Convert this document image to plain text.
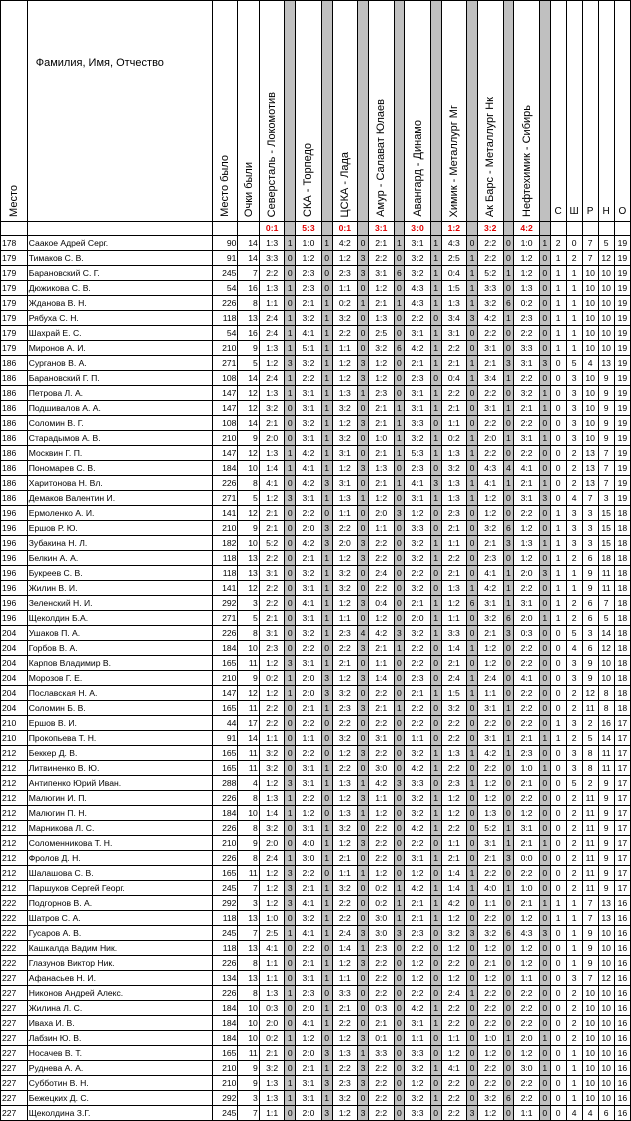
Место	Фамилия, Имя, Отчество	Место было	Очки были	Северсталь - Локомотив		СКА - Торпедо		ЦСКА - Лада		Амур - Салават Юлаев		Авангард - Динамо		Химик - Металлург Мг		Ак Барс - Металлург Нк		Нефтехимик - Сибирь		С	Ш	Р	Н	О
				0:1		5:3		0:1		3:1		3:0		1:2		3:2		4:2						
178	Саакое Адрей Серг.	90	14	1:3	1	1:0	1	4:2	0	2:1	1	3:1	1	4:3	0	2:2	0	1:0	1	2	0	7	5	19
179	Тимаков С. В.	91	14	3:3	0	1:2	0	1:2	3	2:2	0	3:2	1	2:5	1	2:2	0	1:2	0	1	2	7	12	19
179	Барановский С. Г.	245	7	2:2	0	2:3	0	2:3	3	3:1	6	3:2	1	0:4	1	5:2	1	1:2	0	1	1	10	10	19
179	Дюжикова С. В.	54	16	1:3	1	2:3	0	1:1	0	1:2	0	4:3	1	1:5	1	3:3	0	1:3	0	1	1	10	10	19
179	Жданова В. Н.	226	8	1:1	0	2:1	1	0:2	1	2:1	1	4:3	1	1:3	1	3:2	6	0:2	0	1	1	10	10	19
179	Рябуха С. Н.	118	13	2:4	1	3:2	1	3:2	0	1:3	0	2:2	0	3:4	3	4:2	1	2:3	0	1	1	10	10	19
179	Шахрай Е. С.	54	16	2:4	1	4:1	1	2:2	0	2:5	0	3:1	1	3:1	0	2:2	0	2:2	0	1	1	10	10	19
179	Миронов А. И.	210	9	1:3	1	5:1	1	1:1	0	3:2	6	4:2	1	2:2	0	3:1	0	3:3	0	1	1	10	10	19
186	Сурганов В. А.	271	5	1:2	3	3:2	1	1:2	3	1:2	0	2:1	1	2:1	1	2:1	3	3:1	3	0	5	4	13	19
186	Барановский Г. П.	108	14	2:4	1	2:2	1	1:2	3	1:2	0	2:3	0	0:4	1	3:4	1	2:2	0	0	3	10	9	19
186	Петрова Л. А.	147	12	1:3	1	3:1	1	1:3	1	2:3	0	3:1	1	2:2	0	2:2	0	3:2	1	0	3	10	9	19
186	Подшивалов А. А.	147	12	3:2	0	3:1	1	3:2	0	2:1	1	3:1	1	2:1	0	3:1	1	2:1	1	0	3	10	9	19
186	Соломин В. Г.	108	14	2:1	0	3:2	1	1:2	3	2:1	1	3:3	0	1:1	0	2:2	0	2:2	0	0	3	10	9	19
186	Старадымов А. В.	210	9	2:0	0	3:1	1	3:2	0	1:0	1	3:2	1	0:2	1	2:0	1	3:1	1	0	3	10	9	19
186	Москвин Г. П.	147	12	1:3	1	4:2	1	3:1	0	2:1	1	5:3	1	1:3	1	2:2	0	2:2	0	0	2	13	7	19
186	Пономарев С. В.	184	10	1:4	1	4:1	1	1:2	3	1:3	0	2:3	0	3:2	0	4:3	4	4:1	0	0	2	13	7	19
186	Харитонова Н. Вл.	226	8	4:1	0	4:2	3	3:1	0	2:1	1	4:1	3	1:3	1	4:1	1	2:1	1	0	2	13	7	19
186	Демаков Валентин И.	271	5	1:2	3	3:1	1	1:3	1	1:2	0	3:1	1	1:3	1	1:2	0	3:1	3	0	4	7	3	19
196	Ермоленко А. И.	141	12	2:1	0	2:2	0	1:1	0	2:0	3	1:2	0	2:3	0	1:2	0	2:2	0	1	3	3	15	18
196	Ершов Р. Ю.	210	9	2:1	0	2:0	3	2:2	0	1:1	0	3:3	0	2:1	0	3:2	6	1:2	0	1	3	3	15	18
196	Зубакина Н. Л.	182	10	5:2	0	4:2	3	2:0	3	2:2	0	3:2	1	1:1	0	2:1	3	1:3	1	1	3	3	15	18
196	Белкин А. А.	118	13	2:2	0	2:1	1	1:2	3	2:2	0	3:2	1	2:2	0	2:3	0	1:2	0	1	2	6	18	18
196	Букреев С. В.	118	13	3:1	0	3:2	1	3:2	0	2:4	0	2:2	0	2:1	0	4:1	1	2:0	3	1	1	9	11	18
196	Жилин В. И.	141	12	2:2	0	3:1	1	3:2	0	2:2	0	3:2	0	1:3	1	4:2	1	2:2	0	1	1	9	11	18
196	Зеленский Н. И.	292	3	2:2	0	4:1	1	1:2	3	0:4	0	2:1	1	1:2	6	3:1	1	3:1	0	1	2	6	7	18
196	Щеколдин Б.А.	271	5	2:1	0	3:1	1	1:1	0	1:2	0	2:0	1	1:1	0	3:2	6	2:0	1	1	2	6	5	18
204	Ушаков П. А.	226	8	3:1	0	3:2	1	2:3	4	4:2	3	3:2	1	3:3	0	2:1	3	0:3	0	0	5	3	14	18
204	Горбов В. А.	184	10	2:3	0	2:2	0	2:2	3	2:1	1	2:2	0	1:4	1	1:2	0	2:2	0	0	4	6	12	18
204	Карпов Владимир В.	165	11	1:2	3	3:1	1	2:1	0	1:1	0	2:2	0	2:1	0	1:2	0	2:2	0	0	3	9	10	18
204	Морозов Г. Е.	210	9	0:2	1	2:0	3	1:2	3	1:4	0	2:3	0	2:4	1	2:4	0	4:1	0	0	3	9	10	18
204	Пославская Н. А.	147	12	1:2	1	2:0	3	3:2	0	2:2	0	2:1	1	1:5	1	1:1	0	2:2	0	0	2	12	8	18
204	Соломин Б. В.	165	11	2:2	0	2:1	1	2:3	3	2:1	1	2:2	0	3:2	0	3:1	1	2:2	0	0	2	11	8	18
210	Ершов В. И.	44	17	2:2	0	2:2	0	2:2	0	2:2	0	2:2	0	2:2	0	2:2	0	2:2	0	1	3	2	16	17
210	Прокопьева Т. Н.	91	14	1:1	0	1:1	0	3:2	0	3:1	0	1:1	0	2:2	0	3:1	1	2:1	1	1	2	5	14	17
212	Беккер Д. В.	165	11	3:2	0	2:2	0	1:2	3	2:2	0	3:2	1	1:3	1	4:2	1	2:3	0	0	3	8	11	17
212	Литвиненко В. Ю.	165	11	3:2	0	3:1	1	2:2	0	3:0	0	4:2	1	2:2	0	2:2	0	1:0	1	0	3	8	11	17
212	Антипенко Юрий Иван.	288	4	1:2	3	3:1	1	1:3	1	4:2	3	3:3	0	2:3	1	1:2	0	2:1	0	0	5	2	9	17
212	Малюгин И. П.	226	8	1:3	1	2:2	0	1:2	3	1:1	0	3:2	1	1:2	0	1:2	0	2:2	0	0	2	11	9	17
212	Малюгин П. Н.	184	10	1:4	1	1:2	0	1:3	1	1:2	0	3:2	1	1:2	0	1:3	0	1:2	0	0	2	11	9	17
212	Марникова Л. С.	226	8	3:2	0	3:1	1	3:2	0	2:2	0	4:2	1	2:2	0	5:2	1	3:1	0	0	2	11	9	17
212	Соломенникова Т. Н.	210	9	2:0	0	4:0	1	1:2	3	2:2	0	2:2	0	1:1	0	3:1	1	2:1	1	0	2	11	9	17
212	Фролов Д. Н.	226	8	2:4	1	3:0	1	2:1	0	2:2	0	3:1	1	2:1	0	2:1	3	0:0	0	0	2	11	9	17
212	Шалашова С. В.	165	11	1:2	3	2:2	0	1:1	1	1:2	0	1:2	0	1:4	1	2:2	0	2:2	0	0	2	11	9	17
212	Паршуков Сергей Георг.	245	7	1:2	3	2:1	1	3:2	0	0:2	1	4:2	1	1:4	1	4:0	1	1:0	0	0	2	11	9	17
222	Подгорнов В. А.	292	3	1:2	3	4:1	1	2:2	0	0:2	1	2:1	1	4:2	0	1:1	0	2:1	1	1	1	7	13	16
222	Шатров С. А.	118	13	1:0	0	3:2	1	2:2	0	3:0	1	2:1	1	1:2	0	2:2	0	1:2	0	1	1	7	13	16
222	Гусаров А. В.	245	7	2:5	1	4:1	1	2:4	3	3:0	3	2:3	0	3:2	3	3:2	6	4:3	3	0	1	9	10	16
222	Кашкалда Вадим Ник.	118	13	4:1	0	2:2	0	1:4	1	2:3	0	2:2	0	1:2	0	1:2	0	1:2	0	0	1	9	10	16
222	Глазунов Виктор Ник.	226	8	1:1	0	2:1	1	1:2	3	2:2	0	1:2	0	2:2	0	2:1	0	1:2	0	0	1	9	10	16
227	Афанасьев Н. И.	134	13	1:1	0	3:1	1	1:1	0	2:2	0	1:2	0	1:2	0	1:2	0	1:1	0	0	3	7	12	16
227	Никонов Андрей Алекс.	226	8	1:3	1	2:3	0	3:3	0	2:2	0	2:2	0	2:4	1	2:2	0	2:2	0	0	2	10	10	16
227	Жилина Л. С.	184	10	0:3	0	2:0	1	2:1	0	0:3	0	4:2	1	2:2	0	2:2	0	2:2	0	0	2	10	10	16
227	Иваха И. В.	184	10	2:0	0	4:1	1	2:2	0	2:1	0	3:1	1	2:2	0	2:2	0	2:2	0	0	2	10	10	16
227	Лабзин Ю. В.	184	10	0:2	1	1:2	0	1:2	3	0:1	0	1:1	0	1:1	0	1:0	1	2:0	1	0	2	10	10	16
227	Носачев В. Т.	165	11	2:1	0	2:0	3	1:3	1	3:3	0	3:3	0	1:2	0	1:2	0	1:2	0	0	1	10	10	16
227	Руднева А. А.	210	9	3:2	0	2:1	1	2:2	3	2:2	0	3:2	1	4:1	0	2:2	0	3:0	1	0	1	10	10	16
227	Субботин В. Н.	210	9	1:3	1	3:1	3	2:3	3	2:2	0	1:2	0	2:2	0	2:2	0	2:2	0	0	1	10	10	16
227	Бежецких Д. С.	292	3	1:3	1	3:1	1	3:2	0	2:2	0	3:2	1	2:2	0	3:2	6	2:2	0	0	1	10	10	16
227	Щеколдина З.Г.	245	7	1:1	0	2:0	3	1:2	3	2:2	0	3:3	0	2:2	3	1:2	0	1:1	0	0	4	4	6	16
